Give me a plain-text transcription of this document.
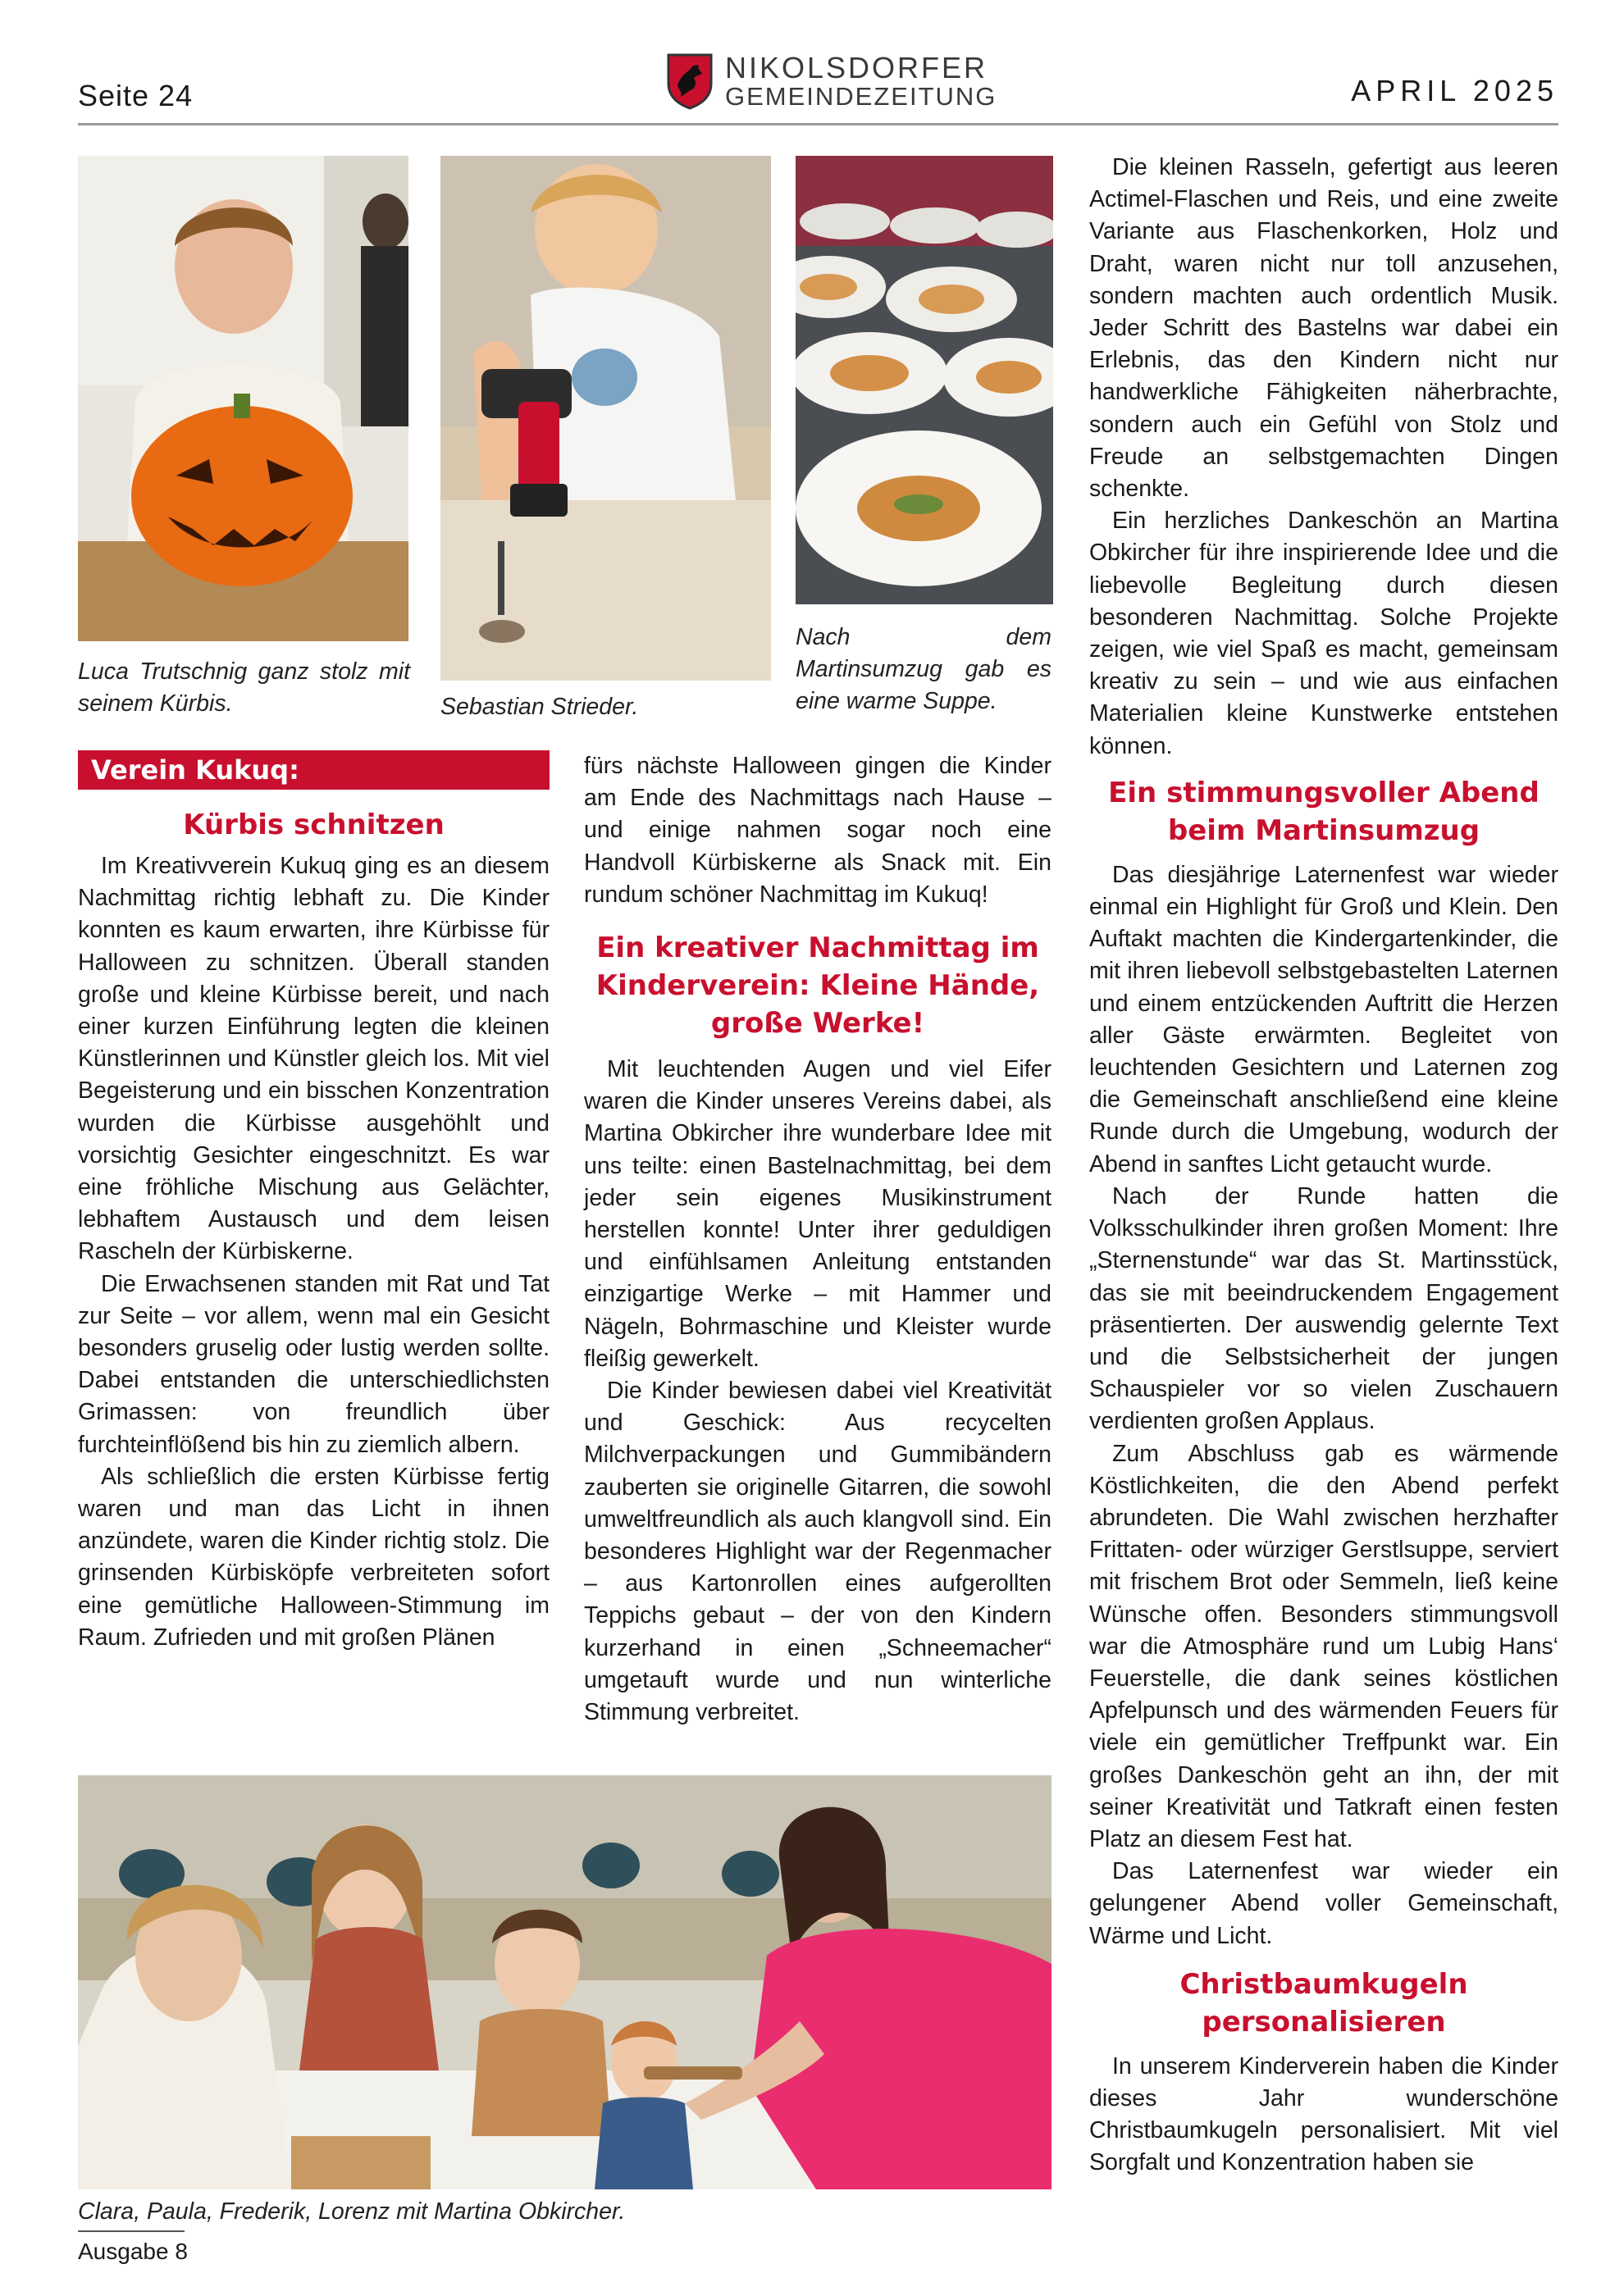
Seite 24
NIKOLSDORFER
GEMEINDEZEITUNG	APRIL 2025
Luca Trutschnig ganz stolz mit seinem Kürbis.	Sebastian Strieder.
Nach dem Martinsumzug gab es eine warme Suppe.
Verein Kukuq:
Kürbis schnitzen

Im Kreativverein Kukuq ging es an diesem Nachmittag richtig lebhaft zu. Die Kinder konnten es kaum erwarten, ihre Kürbisse für Halloween zu schnitzen. Überall standen große und kleine Kürbisse bereit, und nach einer kurzen Einführung legten die kleinen Künstlerinnen und Künstler gleich los. Mit viel Begeisterung und ein bisschen Konzentration wurden die Kürbisse ausgehöhlt und vorsichtig Gesichter eingeschnitzt. Es war eine fröhliche Mischung aus Gelächter, lebhaftem Austausch und dem leisen Rascheln der Kürbiskerne.

Die Erwachsenen standen mit Rat und Tat zur Seite – vor allem, wenn mal ein Gesicht besonders gruselig oder lustig werden sollte. Dabei entstanden die unterschiedlichsten Grimassen: von freundlich über furchteinflößend bis hin zu ziemlich albern.

Als schließlich die ersten Kürbisse fertig waren und man das Licht in ihnen anzündete, waren die Kinder richtig stolz. Die grinsenden Kürbisköpfe verbreiteten sofort eine gemütliche Halloween-Stimmung im Raum. Zufrieden und mit großen Plänen

fürs nächste Halloween gingen die Kinder am Ende des Nachmittags nach Hause – und einige nahmen sogar noch eine Handvoll Kürbiskerne als Snack mit. Ein rundum schöner Nachmittag im Kukuq!

Ein kreativer Nachmittag im Kinderverein: Kleine Hände, große Werke!

Mit leuchtenden Augen und viel Eifer waren die Kinder unseres Vereins dabei, als Martina Obkircher ihre wunderbare Idee mit uns teilte: einen Bastelnachmittag, bei dem jeder sein eigenes Musikinstrument herstellen konnte! Unter ihrer geduldigen und einfühlsamen Anleitung entstanden einzigartige Werke – mit Hammer und Nägeln, Bohrmaschine und Kleister wurde fleißig gewerkelt.

Die Kinder bewiesen dabei viel Kreativität und Geschick: Aus recycelten Milchverpackungen und Gummibändern zauberten sie originelle Gitarren, die sowohl umweltfreundlich als auch klangvoll sind. Ein besonderes Highlight war der Regenmacher – aus Kartonrollen eines aufgerollten Teppichs gebaut – der von den Kindern kurzerhand in einen „Schneemacher“ umgetauft wurde und nun winterliche Stimmung verbreitet.

Clara, Paula, Frederik, Lorenz mit Martina Obkircher.

Die kleinen Rasseln, gefertigt aus leeren Actimel-Flaschen und Reis, und eine zweite Variante aus Flaschenkorken, Holz und Draht, waren nicht nur toll anzusehen, sondern machten auch ordentlich Musik. Jeder Schritt des Bastelns war dabei ein Erlebnis, das den Kindern nicht nur handwerkliche Fähigkeiten näherbrachte, sondern auch ein Gefühl von Stolz und Freude an selbstgemachten Dingen schenkte.

Ein herzliches Dankeschön an Martina Obkircher für ihre inspirierende Idee und die liebevolle Begleitung durch diesen besonderen Nachmittag. Solche Projekte zeigen, wie viel Spaß es macht, gemeinsam kreativ zu sein – und wie aus einfachen Materialien kleine Kunstwerke entstehen können.

Ein stimmungsvoller Abend beim Martinsumzug

Das diesjährige Laternenfest war wieder einmal ein Highlight für Groß und Klein. Den Auftakt machten die Kindergartenkinder, die mit ihren liebevoll selbstgebastelten Laternen und einem entzückenden Auftritt die Herzen aller Gäste erwärmten. Begleitet von leuchtenden Gesichtern und Laternen zog die Gemeinschaft anschließend eine kleine Runde durch die Umgebung, wodurch der Abend in sanftes Licht getaucht wurde.

Nach der Runde hatten die Volksschulkinder ihren großen Moment: Ihre „Sternenstunde“ war das St. Martinsstück, das sie mit beeindruckendem Engagement präsentierten. Der auswendig gelernte Text und die Selbstsicherheit der jungen Schauspieler vor so vielen Zuschauern verdienten großen Applaus.

Zum Abschluss gab es wärmende Köstlichkeiten, die den Abend perfekt abrundeten. Die Wahl zwischen herzhafter Frittaten- oder würziger Gerstlsuppe, serviert mit frischem Brot oder Semmeln, ließ keine Wünsche offen. Besonders stimmungsvoll war die Atmosphäre rund um Lubig Hans‘ Feuerstelle, die dank seines köstlichen Apfelpunsch und des wärmenden Feuers für viele ein gemütlicher Treffpunkt war. Ein großes Dankeschön geht an ihn, der mit seiner Kreativität und Tatkraft einen festen Platz an diesem Fest hat.

Das Laternenfest war wieder ein gelungener Abend voller Gemeinschaft, Wärme und Licht.

Christbaumkugeln personalisieren

In unserem Kinderverein haben die Kinder dieses Jahr wunderschöne Christbaumkugeln personalisiert. Mit viel Sorgfalt und Konzentration haben sie

Ausgabe 8
